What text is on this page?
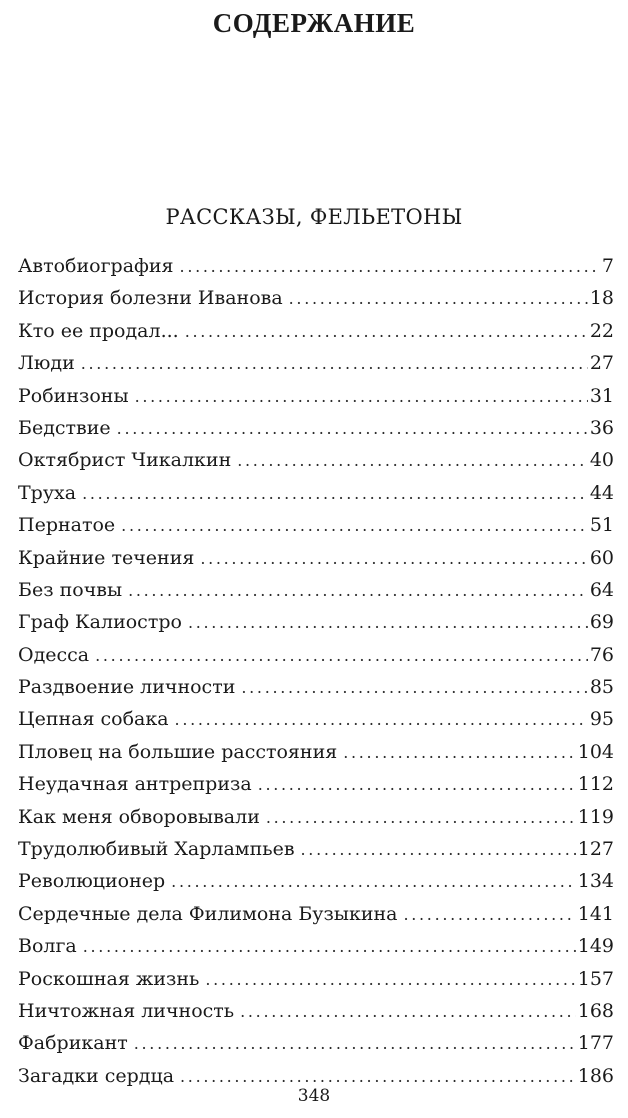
СОДЕРЖАНИЕ
РАССКАЗЫ, ФЕЛЬЕТОНЫ
Автобиография . . .	7
История болезни Иванова . . .	18
Кто ее продал... . . .	22
Люди . . .	27
Робинзоны . . .	31
Бедствие . . .	36
Октябрист Чикалкин . . .	40
Труха . . .	44
Пернатое . . .	51
Крайние течения . . .	60
Без почвы . . .	64
Граф Калиостро . . .	69
Одесса . . .	76
Раздвоение личности . . .	85
Цепная собака . . .	95
Пловец на большие расстояния . . .	104
Неудачная антреприза . . .	112
Как меня обворовывали . . .	119
Трудолюбивый Харлампьев . . .	127
Революционер . . .	134
Сердечные дела Филимона Бузыкина . . .	141
Волга . . .	149
Роскошная жизнь . . .	157
Ничтожная личность . . .	168
Фабрикант . . .	177
Загадки сердца . . .	186
348
